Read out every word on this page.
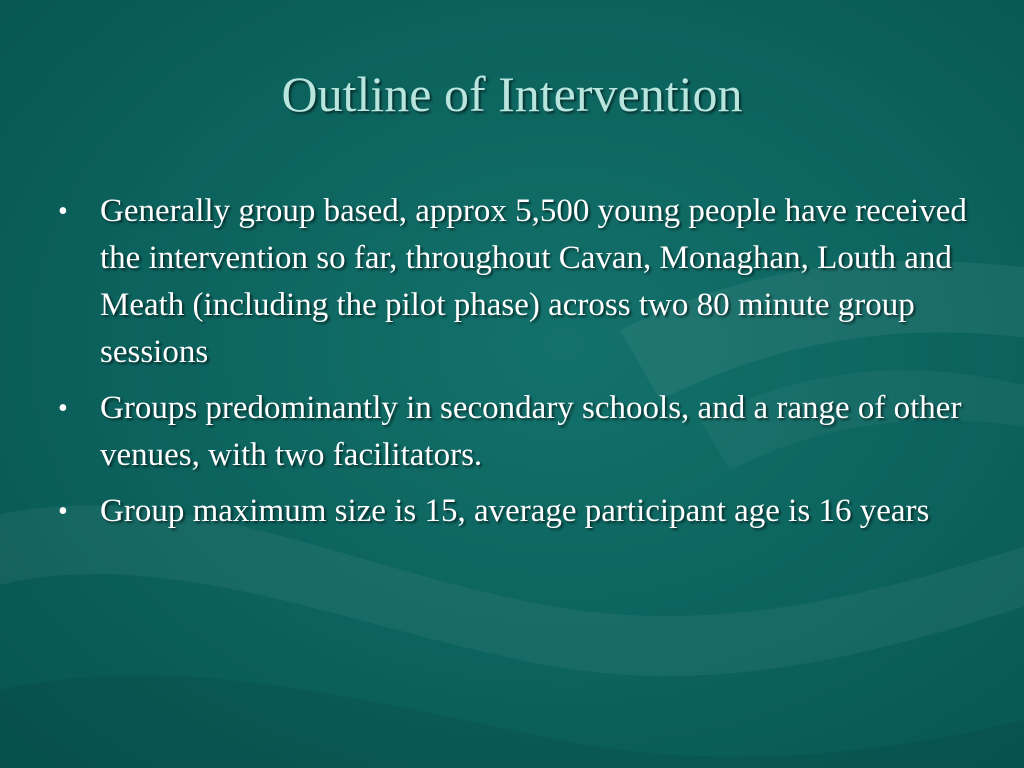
Outline of Intervention
• Generally group based, approx 5,500 young people have received the intervention so far, throughout Cavan, Monaghan, Louth and Meath (including the pilot phase) across two 80 minute group sessions
• Groups predominantly in secondary schools, and a range of other venues, with two facilitators.
• Group maximum size is 15, average participant age is 16 years
